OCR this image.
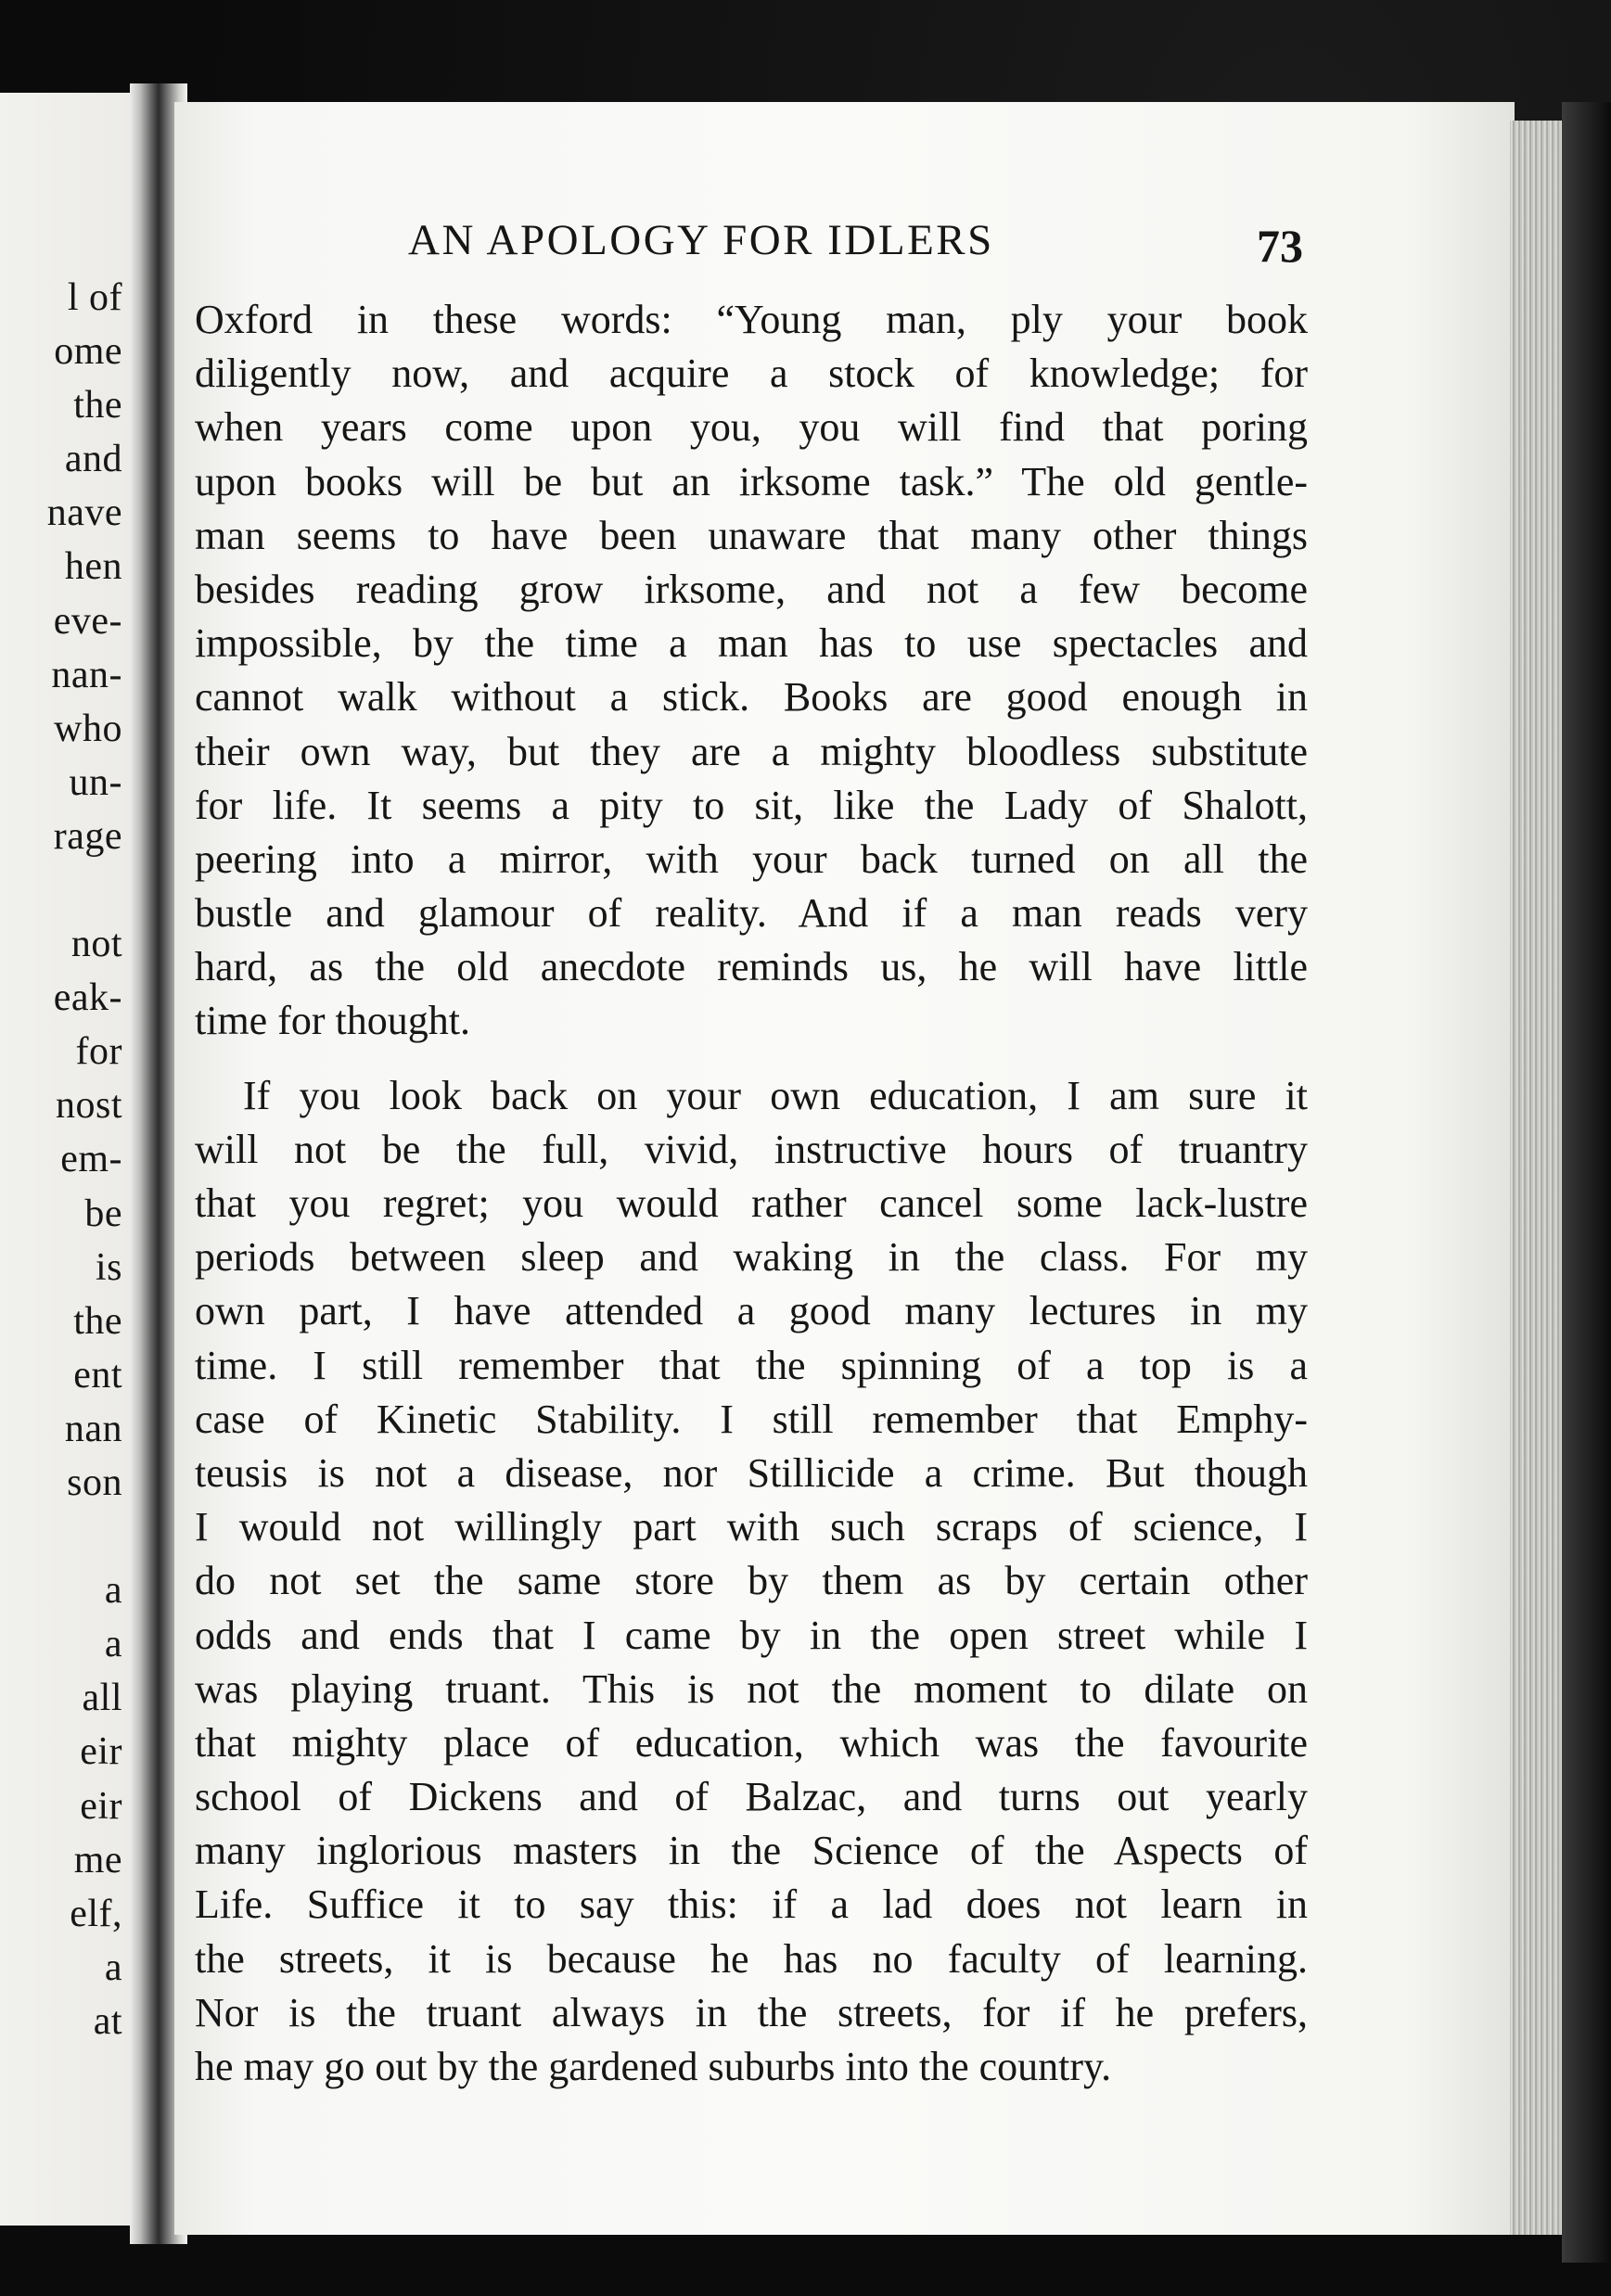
l of
ome
the
and
nave
hen
eve-
nan-
who
un-
rage
not
eak-
for
nost
em-
be
is
the
ent
nan
son
a
a
all
eir
eir
me
elf,
a
at
AN APOLOGY FOR IDLERS	73
Oxford in these words: “Young man, ply your book
diligently now, and acquire a stock of knowledge; for
when years come upon you, you will find that poring
upon books will be but an irksome task.” The old gentle-
man seems to have been unaware that many other things
besides reading grow irksome, and not a few become
impossible, by the time a man has to use spectacles and
cannot walk without a stick. Books are good enough in
their own way, but they are a mighty bloodless substitute
for life. It seems a pity to sit, like the Lady of Shalott,
peering into a mirror, with your back turned on all the
bustle and glamour of reality. And if a man reads very
hard, as the old anecdote reminds us, he will have little
time for thought.
If you look back on your own education, I am sure it
will not be the full, vivid, instructive hours of truantry
that you regret; you would rather cancel some lack-lustre
periods between sleep and waking in the class. For my
own part, I have attended a good many lectures in my
time. I still remember that the spinning of a top is a
case of Kinetic Stability. I still remember that Emphy-
teusis is not a disease, nor Stillicide a crime. But though
I would not willingly part with such scraps of science, I
do not set the same store by them as by certain other
odds and ends that I came by in the open street while I
was playing truant. This is not the moment to dilate on
that mighty place of education, which was the favourite
school of Dickens and of Balzac, and turns out yearly
many inglorious masters in the Science of the Aspects of
Life. Suffice it to say this: if a lad does not learn in
the streets, it is because he has no faculty of learning.
Nor is the truant always in the streets, for if he prefers,
he may go out by the gardened suburbs into the country.
